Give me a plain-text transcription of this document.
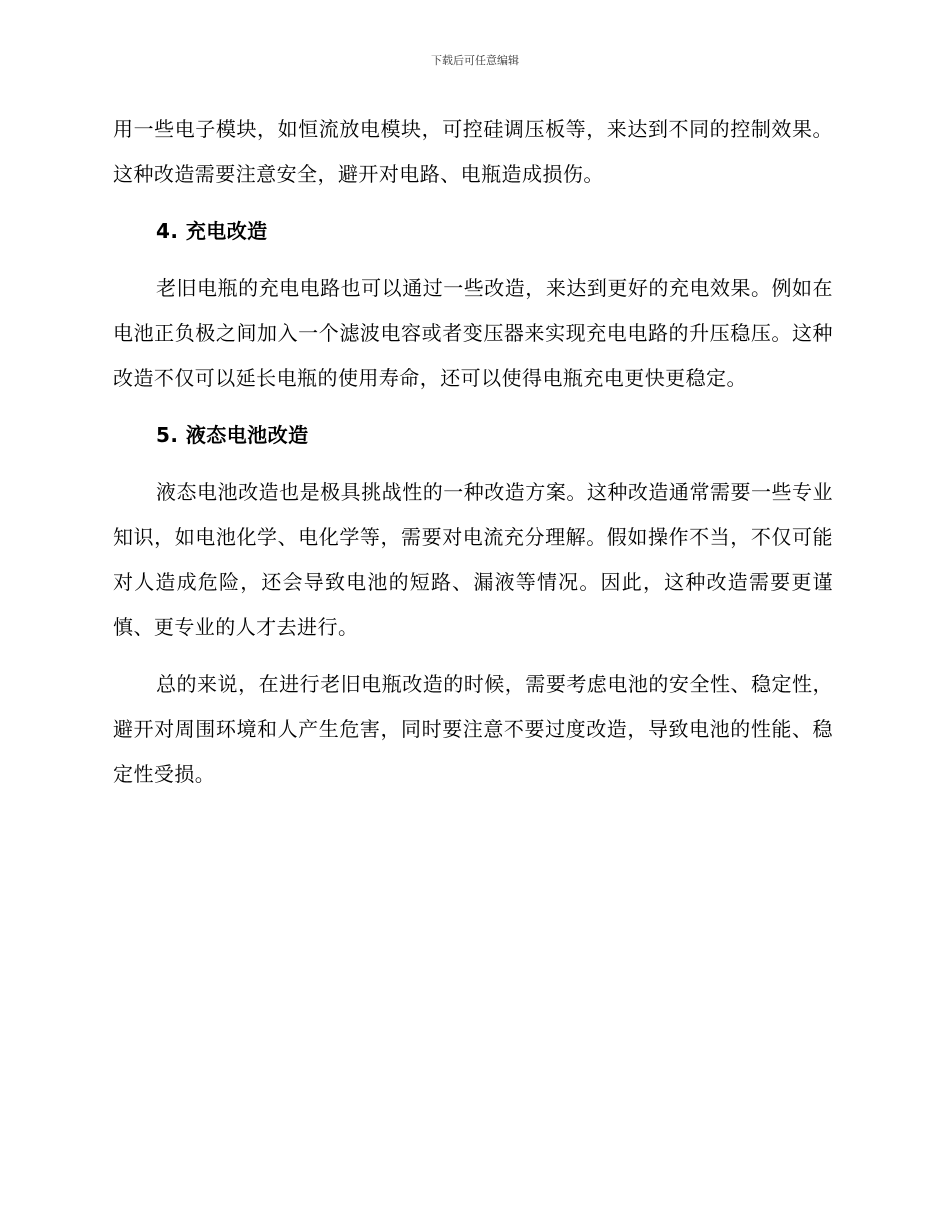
下载后可任意编辑

用一些电子模块，如恒流放电模块，可控硅调压板等，来达到不同的控制效果。这种改造需要注意安全，避开对电路、电瓶造成损伤。

4. 充电改造

老旧电瓶的充电电路也可以通过一些改造，来达到更好的充电效果。例如在电池正负极之间加入一个滤波电容或者变压器来实现充电电路的升压稳压。这种改造不仅可以延长电瓶的使用寿命，还可以使得电瓶充电更快更稳定。

5. 液态电池改造

液态电池改造也是极具挑战性的一种改造方案。这种改造通常需要一些专业知识，如电池化学、电化学等，需要对电流充分理解。假如操作不当，不仅可能对人造成危险，还会导致电池的短路、漏液等情况。因此，这种改造需要更谨慎、更专业的人才去进行。

总的来说，在进行老旧电瓶改造的时候，需要考虑电池的安全性、稳定性，避开对周围环境和人产生危害，同时要注意不要过度改造，导致电池的性能、稳定性受损。
